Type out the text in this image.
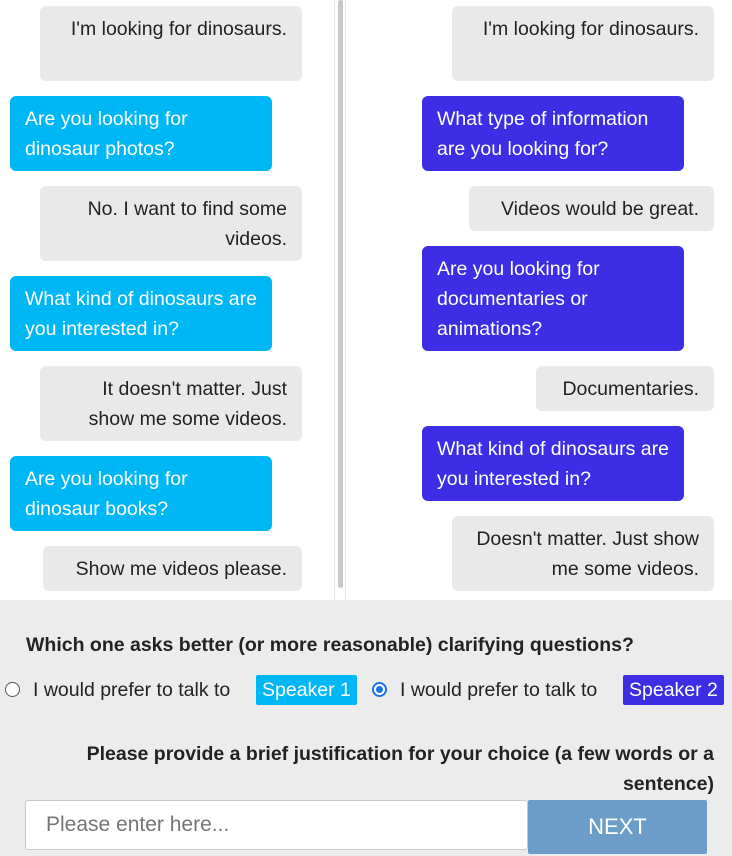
I'm looking for dinosaurs.
Are you looking for dinosaur photos?
No. I want to find some videos.
What kind of dinosaurs are you interested in?
It doesn't matter. Just show me some videos.
Are you looking for dinosaur books?
Show me videos please.
I'm looking for dinosaurs.
What type of information are you looking for?
Videos would be great.
Are you looking for documentaries or animations?
Documentaries.
What kind of dinosaurs are you interested in?
Doesn't matter. Just show me some videos.
Which one asks better (or more reasonable) clarifying questions?
I would prefer to talk to	Speaker 1	I would prefer to talk to	Speaker 2
Please provide a brief justification for your choice (a few words or a sentence)
Please enter here...
NEXT
